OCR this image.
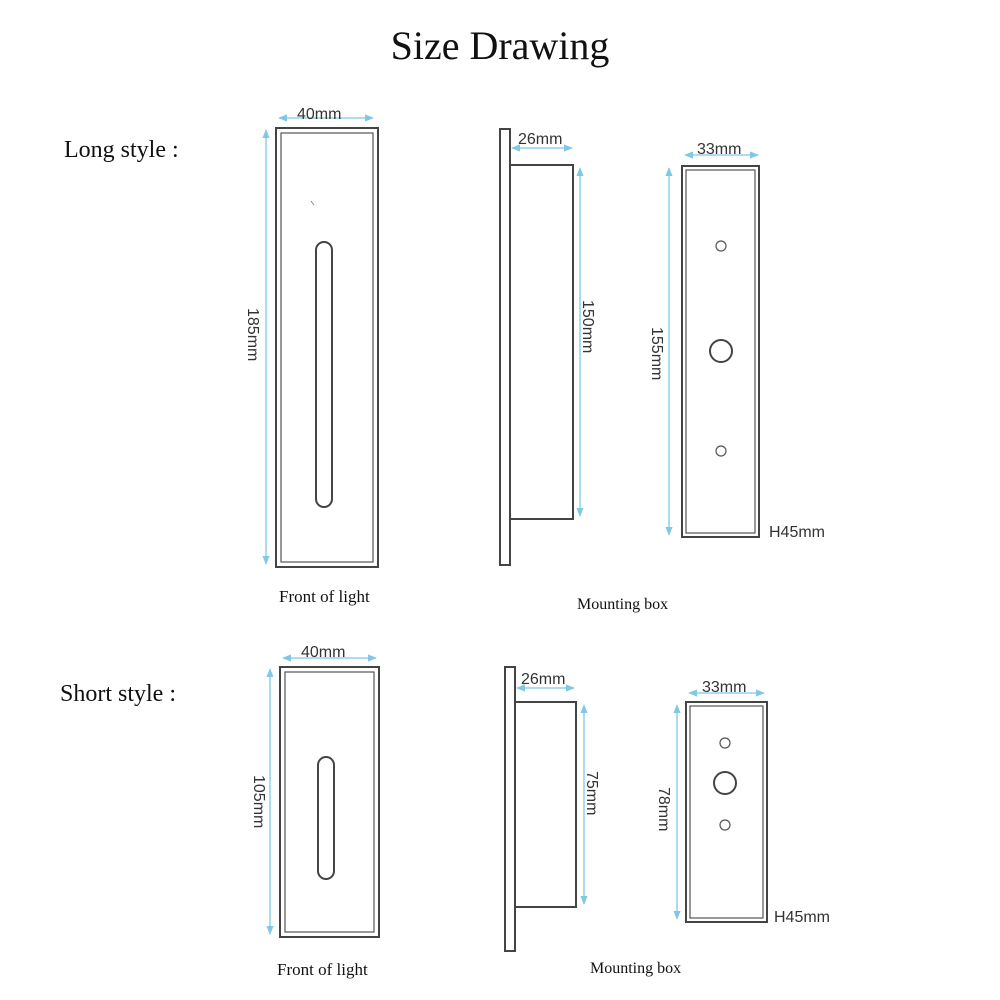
Size Drawing
Long style :
Short style :
Front of light	Mounting box
Front of light	Mounting box
40mm
185mm
26mm
150mm
33mm
155mm
H45mm
40mm
105mm
26mm
75mm
33mm
78mm
H45mm
